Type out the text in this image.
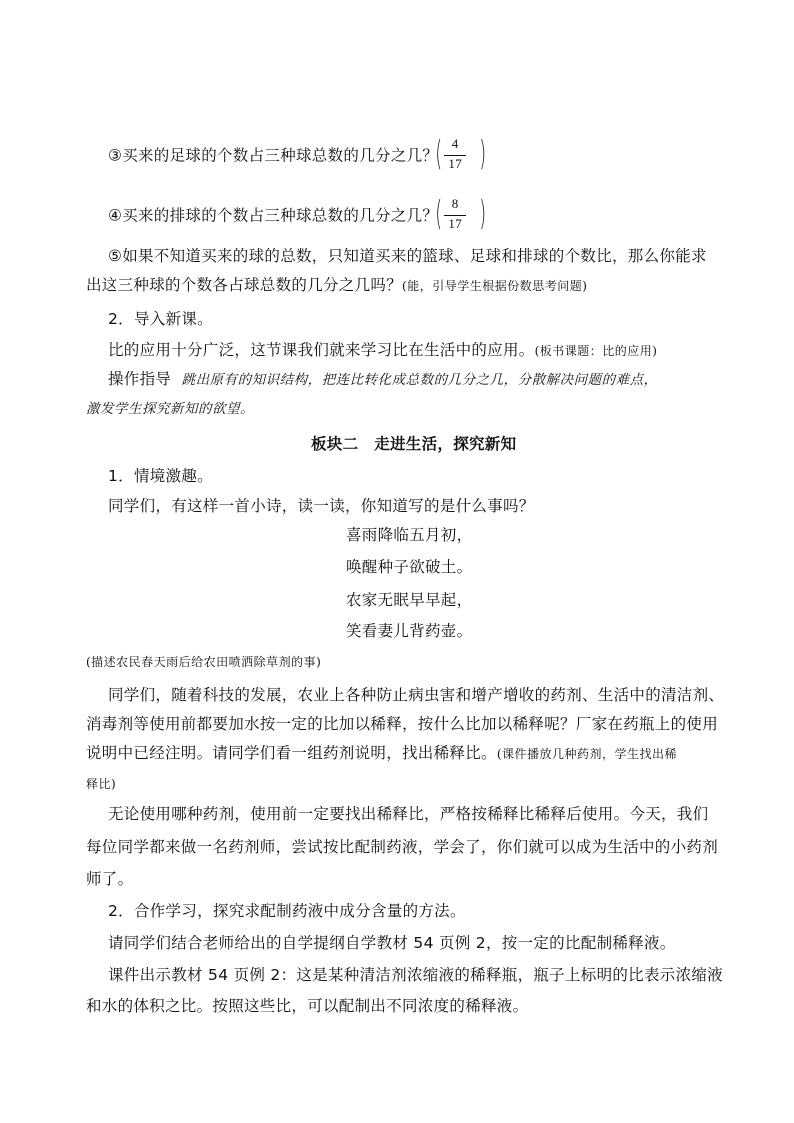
③买来的足球的个数占三种球总数的几分之几？
( 4
17 )
④买来的排球的个数占三种球总数的几分之几？
( 8
17 )
⑤如果不知道买来的球的总数，只知道买来的篮球、足球和排球的个数比，那么你能求
出这三种球的个数各占球总数的几分之几吗？(能，引导学生根据份数思考问题)
2．导入新课。
比的应用十分广泛，这节课我们就来学习比在生活中的应用。(板书课题：比的应用)
操作指导 跳出原有的知识结构，把连比转化成总数的几分之几，分散解决问题的难点，
激发学生探究新知的欲望。
板块二　走进生活，探究新知
1．情境激趣。
同学们，有这样一首小诗，读一读，你知道写的是什么事吗？
喜雨降临五月初，
唤醒种子欲破土。
农家无眠早早起，
笑看妻儿背药壶。
(描述农民春天雨后给农田喷洒除草剂的事)
同学们，随着科技的发展，农业上各种防止病虫害和增产增收的药剂、生活中的清洁剂、
消毒剂等使用前都要加水按一定的比加以稀释，按什么比加以稀释呢？厂家在药瓶上的使用
说明中已经注明。请同学们看一组药剂说明，找出稀释比。(课件播放几种药剂，学生找出稀
释比)
无论使用哪种药剂，使用前一定要找出稀释比，严格按稀释比稀释后使用。今天，我们
每位同学都来做一名药剂师，尝试按比配制药液，学会了，你们就可以成为生活中的小药剂
师了。
2．合作学习，探究求配制药液中成分含量的方法。
请同学们结合老师给出的自学提纲自学教材 54 页例 2，按一定的比配制稀释液。
课件出示教材 54 页例 2：这是某种清洁剂浓缩液的稀释瓶，瓶子上标明的比表示浓缩液
和水的体积之比。按照这些比，可以配制出不同浓度的稀释液。
